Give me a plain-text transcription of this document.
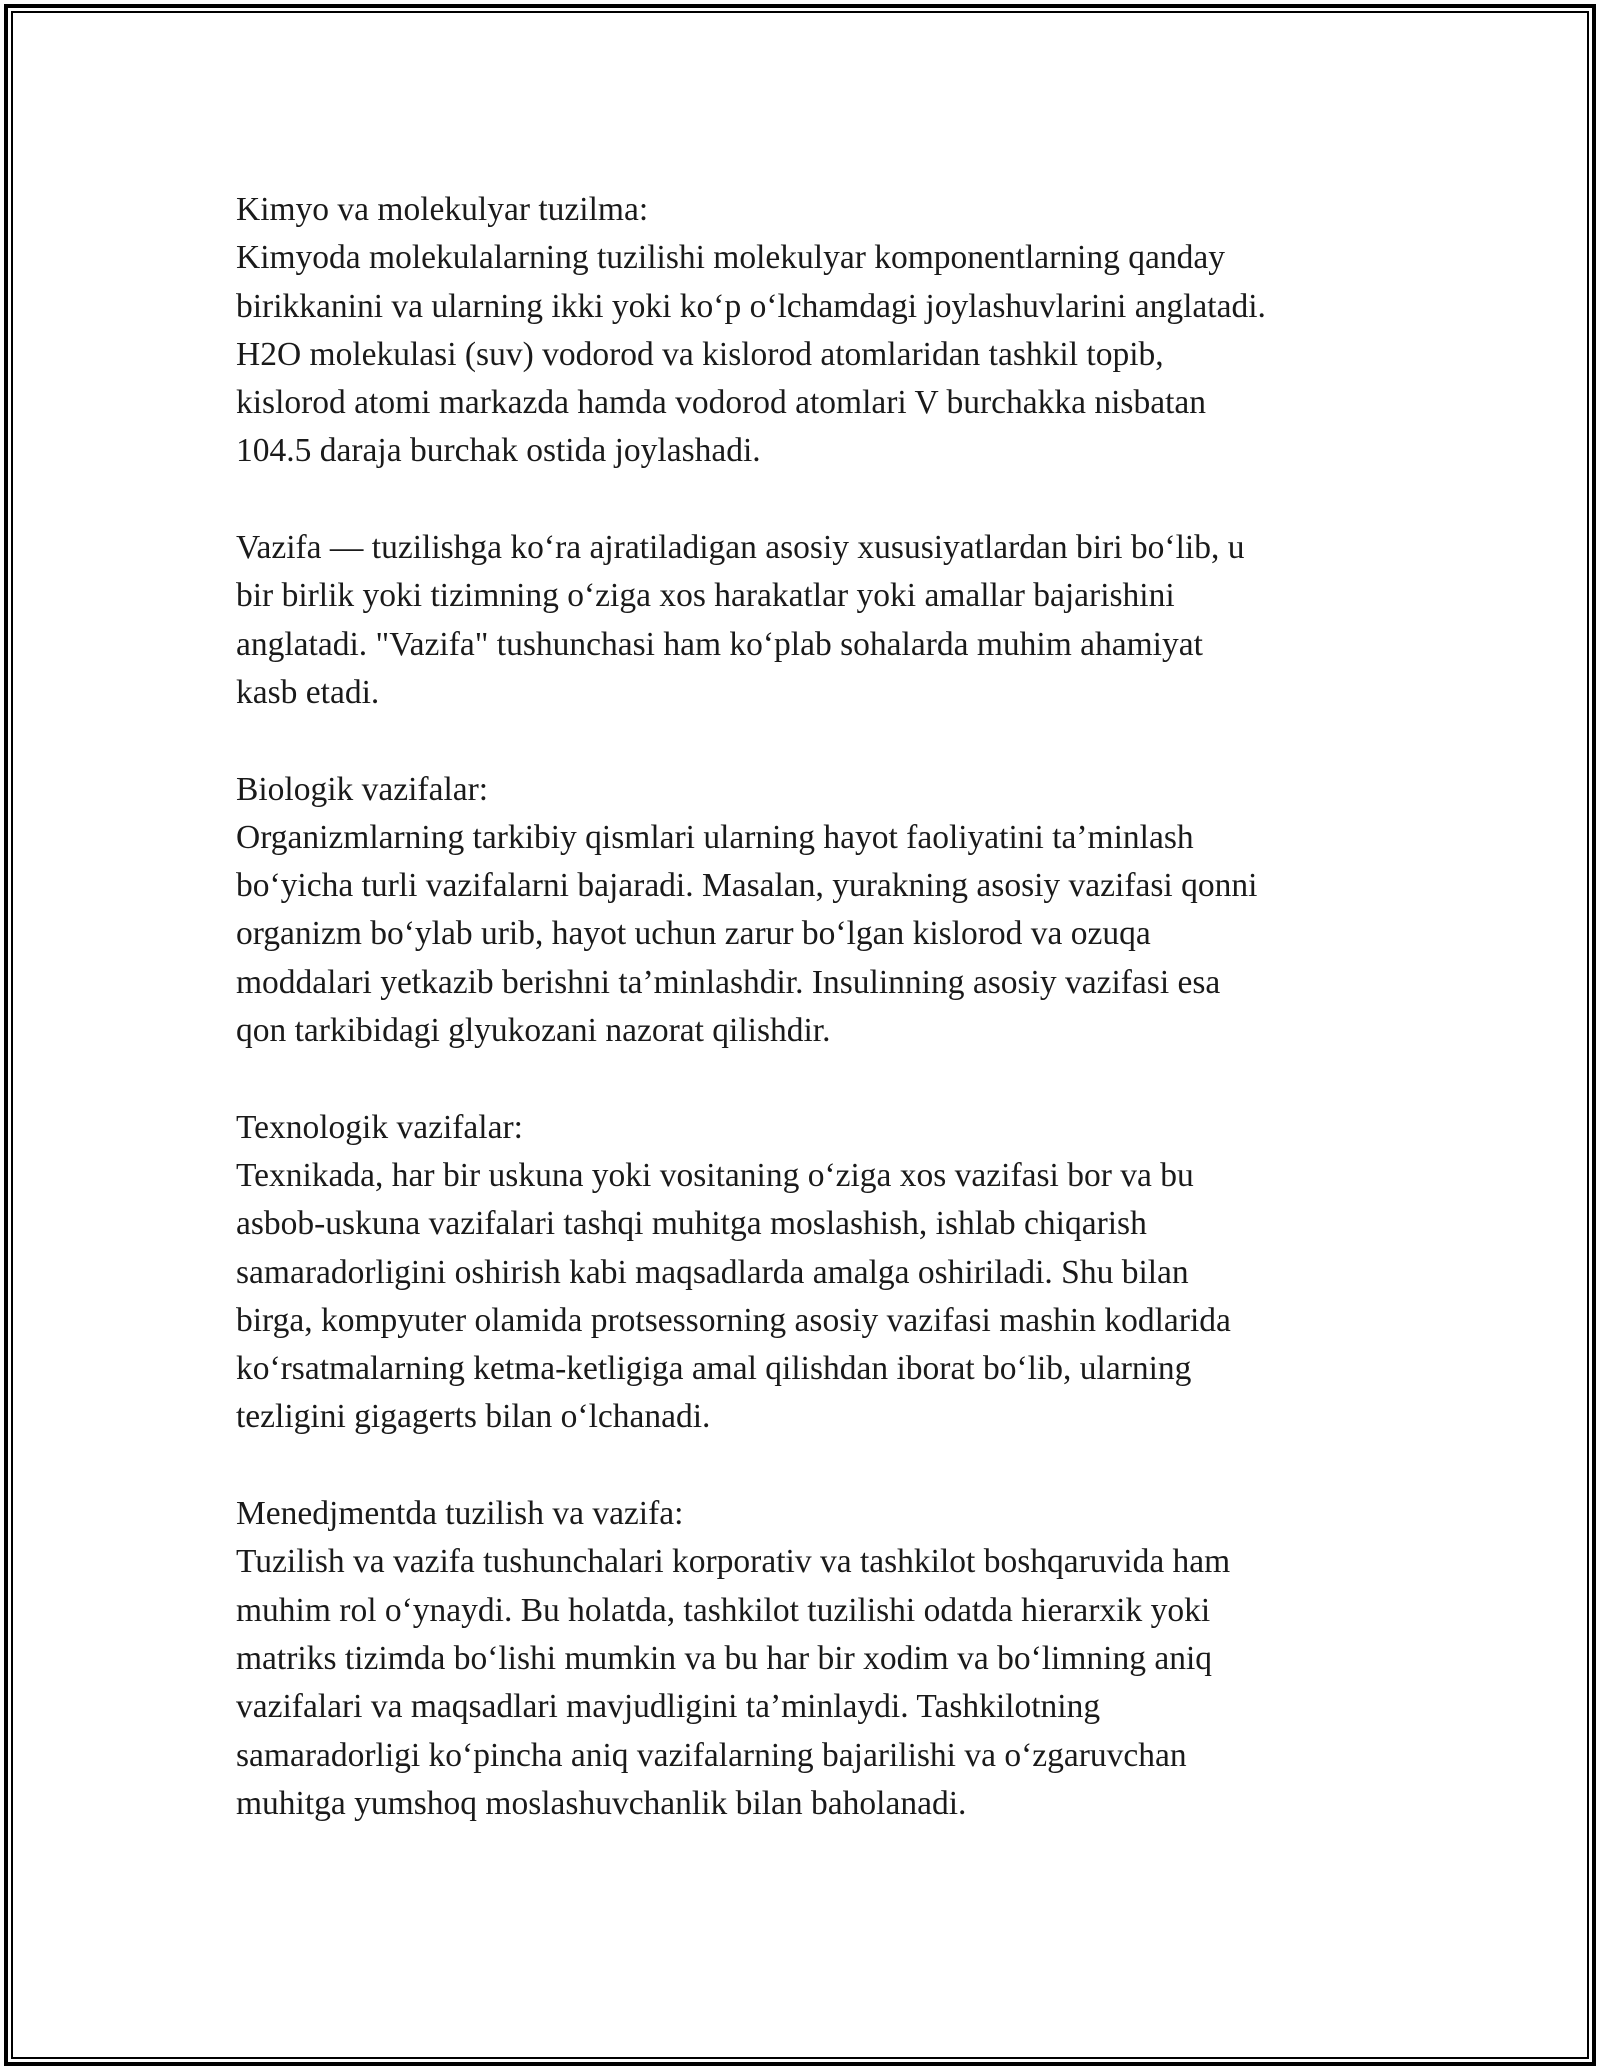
Kimyo va molekulyar tuzilma:

Kimyoda molekulalarning tuzilishi molekulyar komponentlarning qanday

birikkanini va ularning ikki yoki ko‘p o‘lchamdagi joylashuvlarini anglatadi.

H2O molekulasi (suv) vodorod va kislorod atomlaridan tashkil topib,

kislorod atomi markazda hamda vodorod atomlari V burchakka nisbatan

104.5 daraja burchak ostida joylashadi.

Vazifa — tuzilishga ko‘ra ajratiladigan asosiy xususiyatlardan biri bo‘lib, u

bir birlik yoki tizimning o‘ziga xos harakatlar yoki amallar bajarishini

anglatadi. "Vazifa" tushunchasi ham ko‘plab sohalarda muhim ahamiyat

kasb etadi.

Biologik vazifalar:

Organizmlarning tarkibiy qismlari ularning hayot faoliyatini ta’minlash

bo‘yicha turli vazifalarni bajaradi. Masalan, yurakning asosiy vazifasi qonni

organizm bo‘ylab urib, hayot uchun zarur bo‘lgan kislorod va ozuqa

moddalari yetkazib berishni ta’minlashdir. Insulinning asosiy vazifasi esa

qon tarkibidagi glyukozani nazorat qilishdir.

Texnologik vazifalar:

Texnikada, har bir uskuna yoki vositaning o‘ziga xos vazifasi bor va bu

asbob-uskuna vazifalari tashqi muhitga moslashish, ishlab chiqarish

samaradorligini oshirish kabi maqsadlarda amalga oshiriladi. Shu bilan

birga, kompyuter olamida protsessorning asosiy vazifasi mashin kodlarida

ko‘rsatmalarning ketma-ketligiga amal qilishdan iborat bo‘lib, ularning

tezligini gigagerts bilan o‘lchanadi.

Menedjmentda tuzilish va vazifa:

Tuzilish va vazifa tushunchalari korporativ va tashkilot boshqaruvida ham

muhim rol o‘ynaydi. Bu holatda, tashkilot tuzilishi odatda hierarxik yoki

matriks tizimda bo‘lishi mumkin va bu har bir xodim va bo‘limning aniq

vazifalari va maqsadlari mavjudligini ta’minlaydi. Tashkilotning

samaradorligi ko‘pincha aniq vazifalarning bajarilishi va o‘zgaruvchan

muhitga yumshoq moslashuvchanlik bilan baholanadi.
